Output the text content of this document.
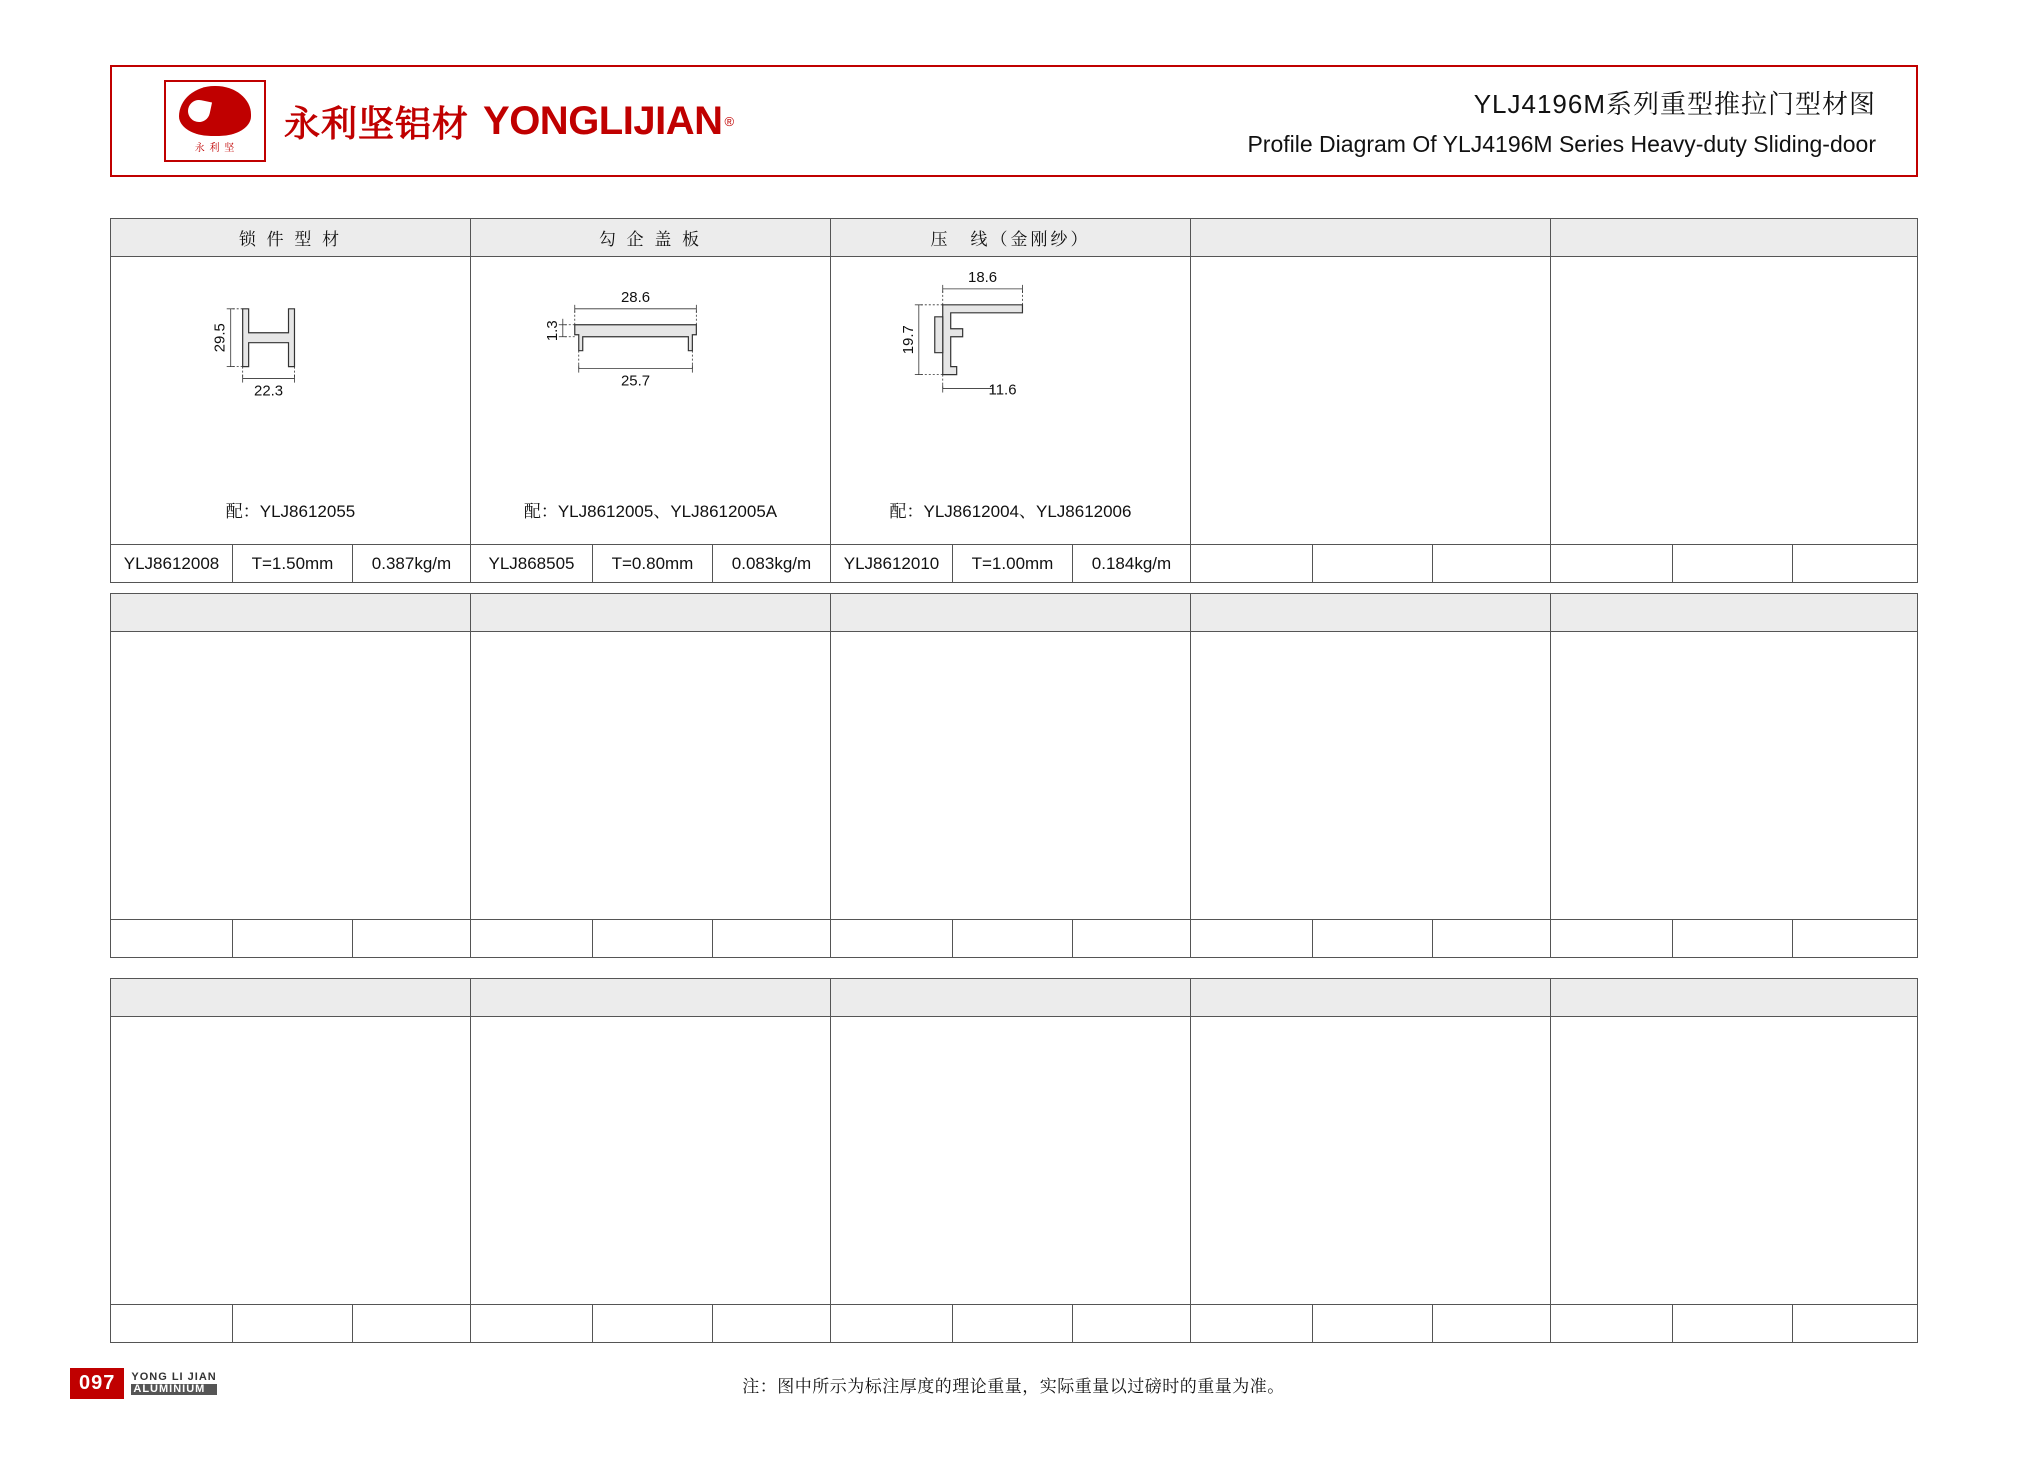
永 利 坚
永利坚铝材 YONGLIJIAN ®
YLJ4196M系列重型推拉门型材图
Profile Diagram Of YLJ4196M Series Heavy-duty Sliding-door
锁 件 型 材	勾 企 盖 板	压　线（金刚纱）
29.5
22.3
配：YLJ8612055
1.3
28.6
25.7
配：YLJ8612005、YLJ8612005A
18.6
19.7
11.6
配：YLJ8612004、YLJ8612006
YLJ8612008	T=1.50mm	0.387kg/m	YLJ868505	T=0.80mm	0.083kg/m	YLJ8612010	T=1.00mm	0.184kg/m
097	YONG LI JIAN
ALUMINIUM	注：图中所示为标注厚度的理论重量，实际重量以过磅时的重量为准。
